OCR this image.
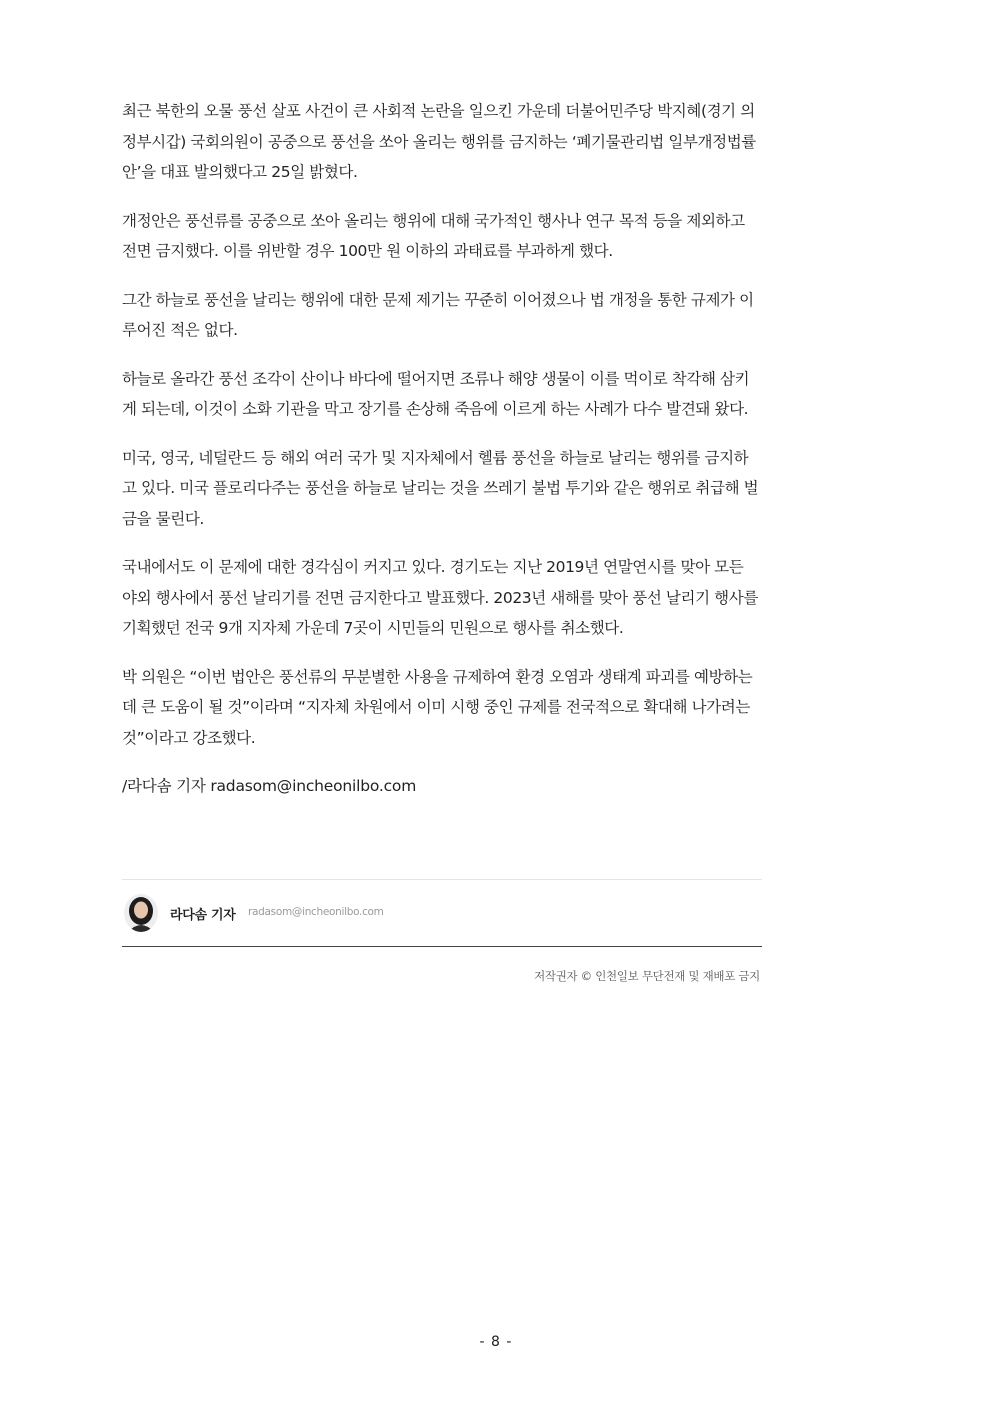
최근 북한의 오물 풍선 살포 사건이 큰 사회적 논란을 일으킨 가운데 더불어민주당 박지혜(경기 의정부시갑) 국회의원이 공중으로 풍선을 쏘아 올리는 행위를 금지하는 ‘폐기물관리법 일부개정법률안’을 대표 발의했다고 25일 밝혔다.

개정안은 풍선류를 공중으로 쏘아 올리는 행위에 대해 국가적인 행사나 연구 목적 등을 제외하고 전면 금지했다. 이를 위반할 경우 100만 원 이하의 과태료를 부과하게 했다.

그간 하늘로 풍선을 날리는 행위에 대한 문제 제기는 꾸준히 이어졌으나 법 개정을 통한 규제가 이루어진 적은 없다.

하늘로 올라간 풍선 조각이 산이나 바다에 떨어지면 조류나 해양 생물이 이를 먹이로 착각해 삼키게 되는데, 이것이 소화 기관을 막고 장기를 손상해 죽음에 이르게 하는 사례가 다수 발견돼 왔다.

미국, 영국, 네덜란드 등 해외 여러 국가 및 지자체에서 헬륨 풍선을 하늘로 날리는 행위를 금지하고 있다. 미국 플로리다주는 풍선을 하늘로 날리는 것을 쓰레기 불법 투기와 같은 행위로 취급해 벌금을 물린다.

국내에서도 이 문제에 대한 경각심이 커지고 있다. 경기도는 지난 2019년 연말연시를 맞아 모든 야외 행사에서 풍선 날리기를 전면 금지한다고 발표했다. 2023년 새해를 맞아 풍선 날리기 행사를 기획했던 전국 9개 지자체 가운데 7곳이 시민들의 민원으로 행사를 취소했다.

박 의원은 “이번 법안은 풍선류의 무분별한 사용을 규제하여 환경 오염과 생태계 파괴를 예방하는 데 큰 도움이 될 것”이라며 “지자체 차원에서 이미 시행 중인 규제를 전국적으로 확대해 나가려는 것”이라고 강조했다.

/라다솜 기자 radasom@incheonilbo.com

라다솜 기자 radasom@incheonilbo.com
저작권자 © 인천일보 무단전재 및 재배포 금지
- 8 -
